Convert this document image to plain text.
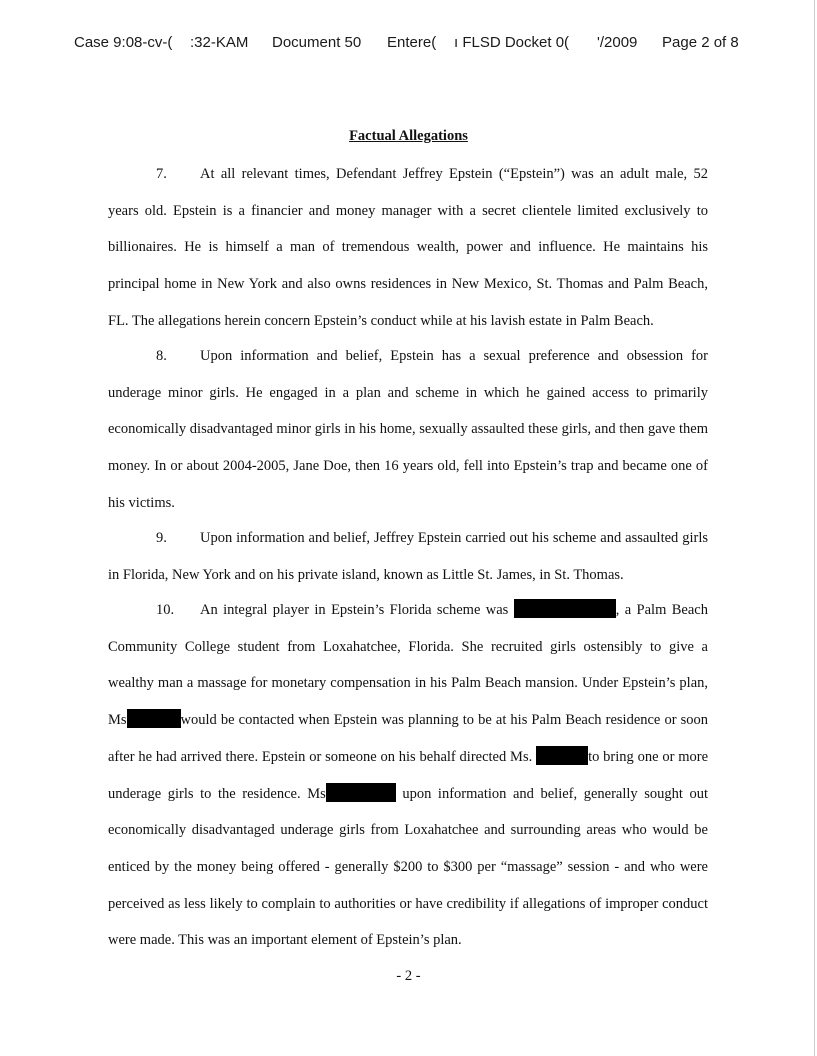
Case 9:08-cv-( :32-KAM Document 50 Entere( ı FLSD Docket 0( '/2009 Page 2 of 8
Factual Allegations

7. At all relevant times, Defendant Jeffrey Epstein (“Epstein”) was an adult male, 52 years old. Epstein is a financier and money manager with a secret clientele limited exclusively to billionaires. He is himself a man of tremendous wealth, power and influence. He maintains his principal home in New York and also owns residences in New Mexico, St. Thomas and Palm Beach, FL. The allegations herein concern Epstein’s conduct while at his lavish estate in Palm Beach.

8. Upon information and belief, Epstein has a sexual preference and obsession for underage minor girls. He engaged in a plan and scheme in which he gained access to primarily economically disadvantaged minor girls in his home, sexually assaulted these girls, and then gave them money. In or about 2004-2005, Jane Doe, then 16 years old, fell into Epstein’s trap and became one of his victims.

9. Upon information and belief, Jeffrey Epstein carried out his scheme and assaulted girls in Florida, New York and on his private island, known as Little St. James, in St. Thomas.

10. An integral player in Epstein’s Florida scheme was	, a Palm Beach Community College student from Loxahatchee, Florida. She recruited girls ostensibly to give a wealthy man a massage for monetary compensation in his Palm Beach mansion. Under Epstein’s plan, Ms	would be contacted when Epstein was planning to be at his Palm Beach residence or soon after he had arrived there. Epstein or someone on his behalf directed Ms.	to bring one or more underage girls to the residence. Ms	upon information and belief, generally sought out economically disadvantaged underage girls from Loxahatchee and surrounding areas who would be enticed by the money being offered - generally $200 to $300 per “massage” session - and who were perceived as less likely to complain to authorities or have credibility if allegations of improper conduct were made. This was an important element of Epstein’s plan.

- 2 -
